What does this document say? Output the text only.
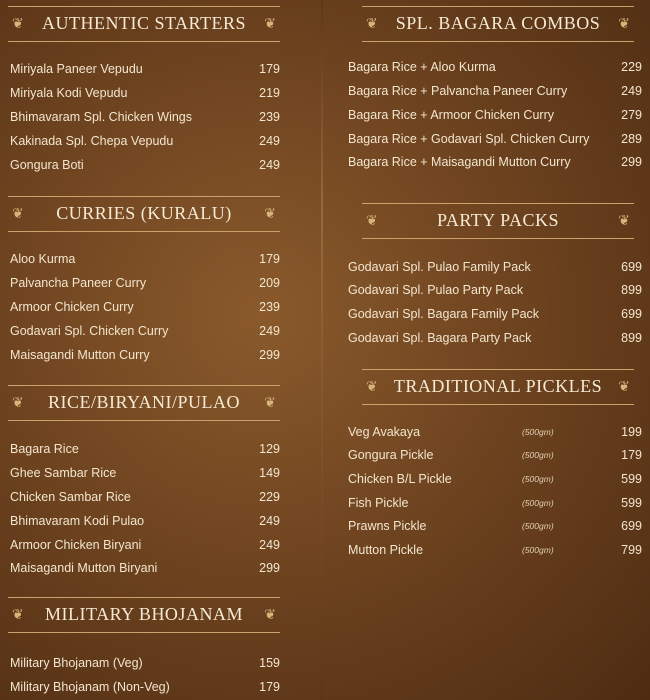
❦	AUTHENTIC STARTERS	❦
Miriyala Paneer Vepudu	179
Miriyala Kodi Vepudu	219
Bhimavaram Spl. Chicken Wings	239
Kakinada Spl. Chepa Vepudu	249
Gongura Boti	249
❦	CURRIES (KURALU)	❦
Aloo Kurma	179
Palvancha Paneer Curry	209
Armoor Chicken Curry	239
Godavari Spl. Chicken Curry	249
Maisagandi Mutton Curry	299
❦	RICE/BIRYANI/PULAO	❦
Bagara Rice	129
Ghee Sambar Rice	149
Chicken Sambar Rice	229
Bhimavaram Kodi Pulao	249
Armoor Chicken Biryani	249
Maisagandi Mutton Biryani	299
❦	MILITARY BHOJANAM	❦
Military Bhojanam (Veg)	159
Military Bhojanam (Non-Veg)	179
❦ SPL. BAGARA COMBOS	❦
Bagara Rice + Aloo Kurma	229
Bagara Rice + Palvancha Paneer Curry	249
Bagara Rice + Armoor Chicken Curry	279
Bagara Rice + Godavari Spl. Chicken Curry	289
Bagara Rice + Maisagandi Mutton Curry	299
❦	PARTY PACKS	❦
Godavari Spl. Pulao Family Pack	699
Godavari Spl. Pulao Party Pack	899
Godavari Spl. Bagara Family Pack	699
Godavari Spl. Bagara Party Pack	899
❦ TRADITIONAL PICKLES	❦
Veg Avakaya	(500gm)	199
Gongura Pickle	(500gm)	179
Chicken B/L Pickle	(500gm)	599
Fish Pickle	(500gm)	599
Prawns Pickle	(500gm)	699
Mutton Pickle	(500gm)	799
